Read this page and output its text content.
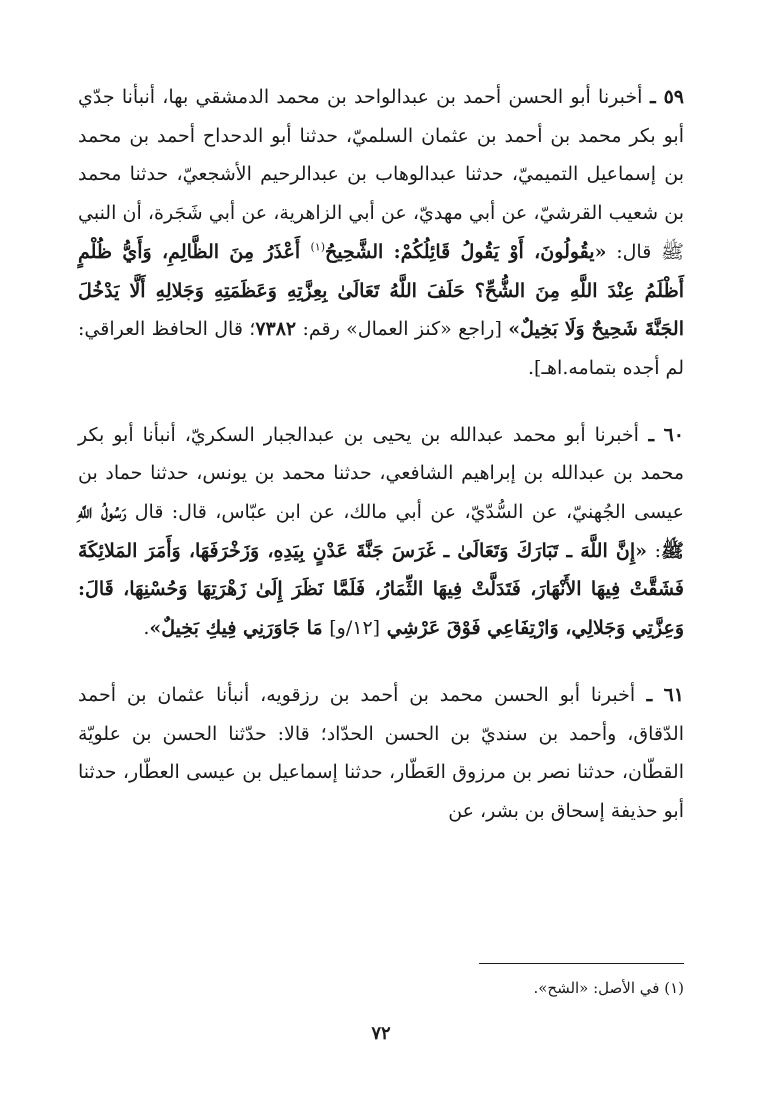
٥٩ ـ أخبرنا أبو الحسن أحمد بن عبدالواحد بن محمد الدمشقي بها، أنبأنا جدّي أبو بكر محمد بن أحمد بن عثمان السلميّ، حدثنا أبو الدحداح أحمد بن محمد بن إسماعيل التميميّ، حدثنا عبدالوهاب بن عبدالرحيم الأشجعيّ، حدثنا محمد بن شعيب القرشيّ، عن أبي مهديّ، عن أبي الزاهرية، عن أبي شَجَرة، أن النبي ﷺ قال: «يقُولُونَ، أَوْ يَقُولُ قَائِلُكُمْ: الشَّحِيحُ$^{(١)}$ أَعْذَرُ مِنَ الظَّالِمِ، وَأَيُّ ظُلْمٍ أَظْلَمُ عِنْدَ اللَّهِ مِنَ الشُّحِّ؟ حَلَفَ اللَّهُ تَعَالَىٰ بِعِزَّتِهِ وَعَظَمَتِهِ وَجَلالِهِ أَلَّا يَدْخُلَ الجَنَّةَ شَحِيحٌ وَلَا بَخِيلٌ» [راجع «كنز العمال» رقم: ٧٣٨٢؛ قال الحافظ العراقي: لم أجده بتمامه.اهـ].

٦٠ ـ أخبرنا أبو محمد عبدالله بن يحيى بن عبدالجبار السكريّ، أنبأنا أبو بكر محمد بن عبدالله بن إبراهيم الشافعي، حدثنا محمد بن يونس، حدثنا حماد بن عيسى الجُهنيّ، عن السُّدّيّ، عن أبي مالك، عن ابن عبّاس، قال: قال رَسُولُ اللَّهِ ﷺ: «إِنَّ اللَّهَ ـ تَبَارَكَ وَتَعَالَىٰ ـ غَرَسَ جَنَّةَ عَدْنٍ بِيَدِهِ، وَزَخْرَفَهَا، وَأَمَرَ المَلائِكَةَ فَشَقَّتْ فِيهَا الأَنْهَارَ، فَتَدَلَّتْ فِيهَا الثِّمَارُ، فَلَمَّا نَظَرَ إِلَىٰ زَهْرَتِهَا وَحُسْنِهَا، قَالَ: وَعِزَّتِي وَجَلالِي، وَارْتِفَاعِي فَوْقَ عَرْشِي [١٢/و] مَا جَاوَرَنِي فِيكِ بَخِيلٌ».

٦١ ـ أخبرنا أبو الحسن محمد بن أحمد بن رزقويه، أنبأنا عثمان بن أحمد الدّقاق، وأحمد بن سنديّ بن الحسن الحدّاد؛ قالا: حدّثنا الحسن بن علويّة القطّان، حدثنا نصر بن مرزوق العَطّار، حدثنا إسماعيل بن عيسى العطّار، حدثنا أبو حذيفة إسحاق بن بشر، عن

(١) في الأصل: «الشح».

٧٢
